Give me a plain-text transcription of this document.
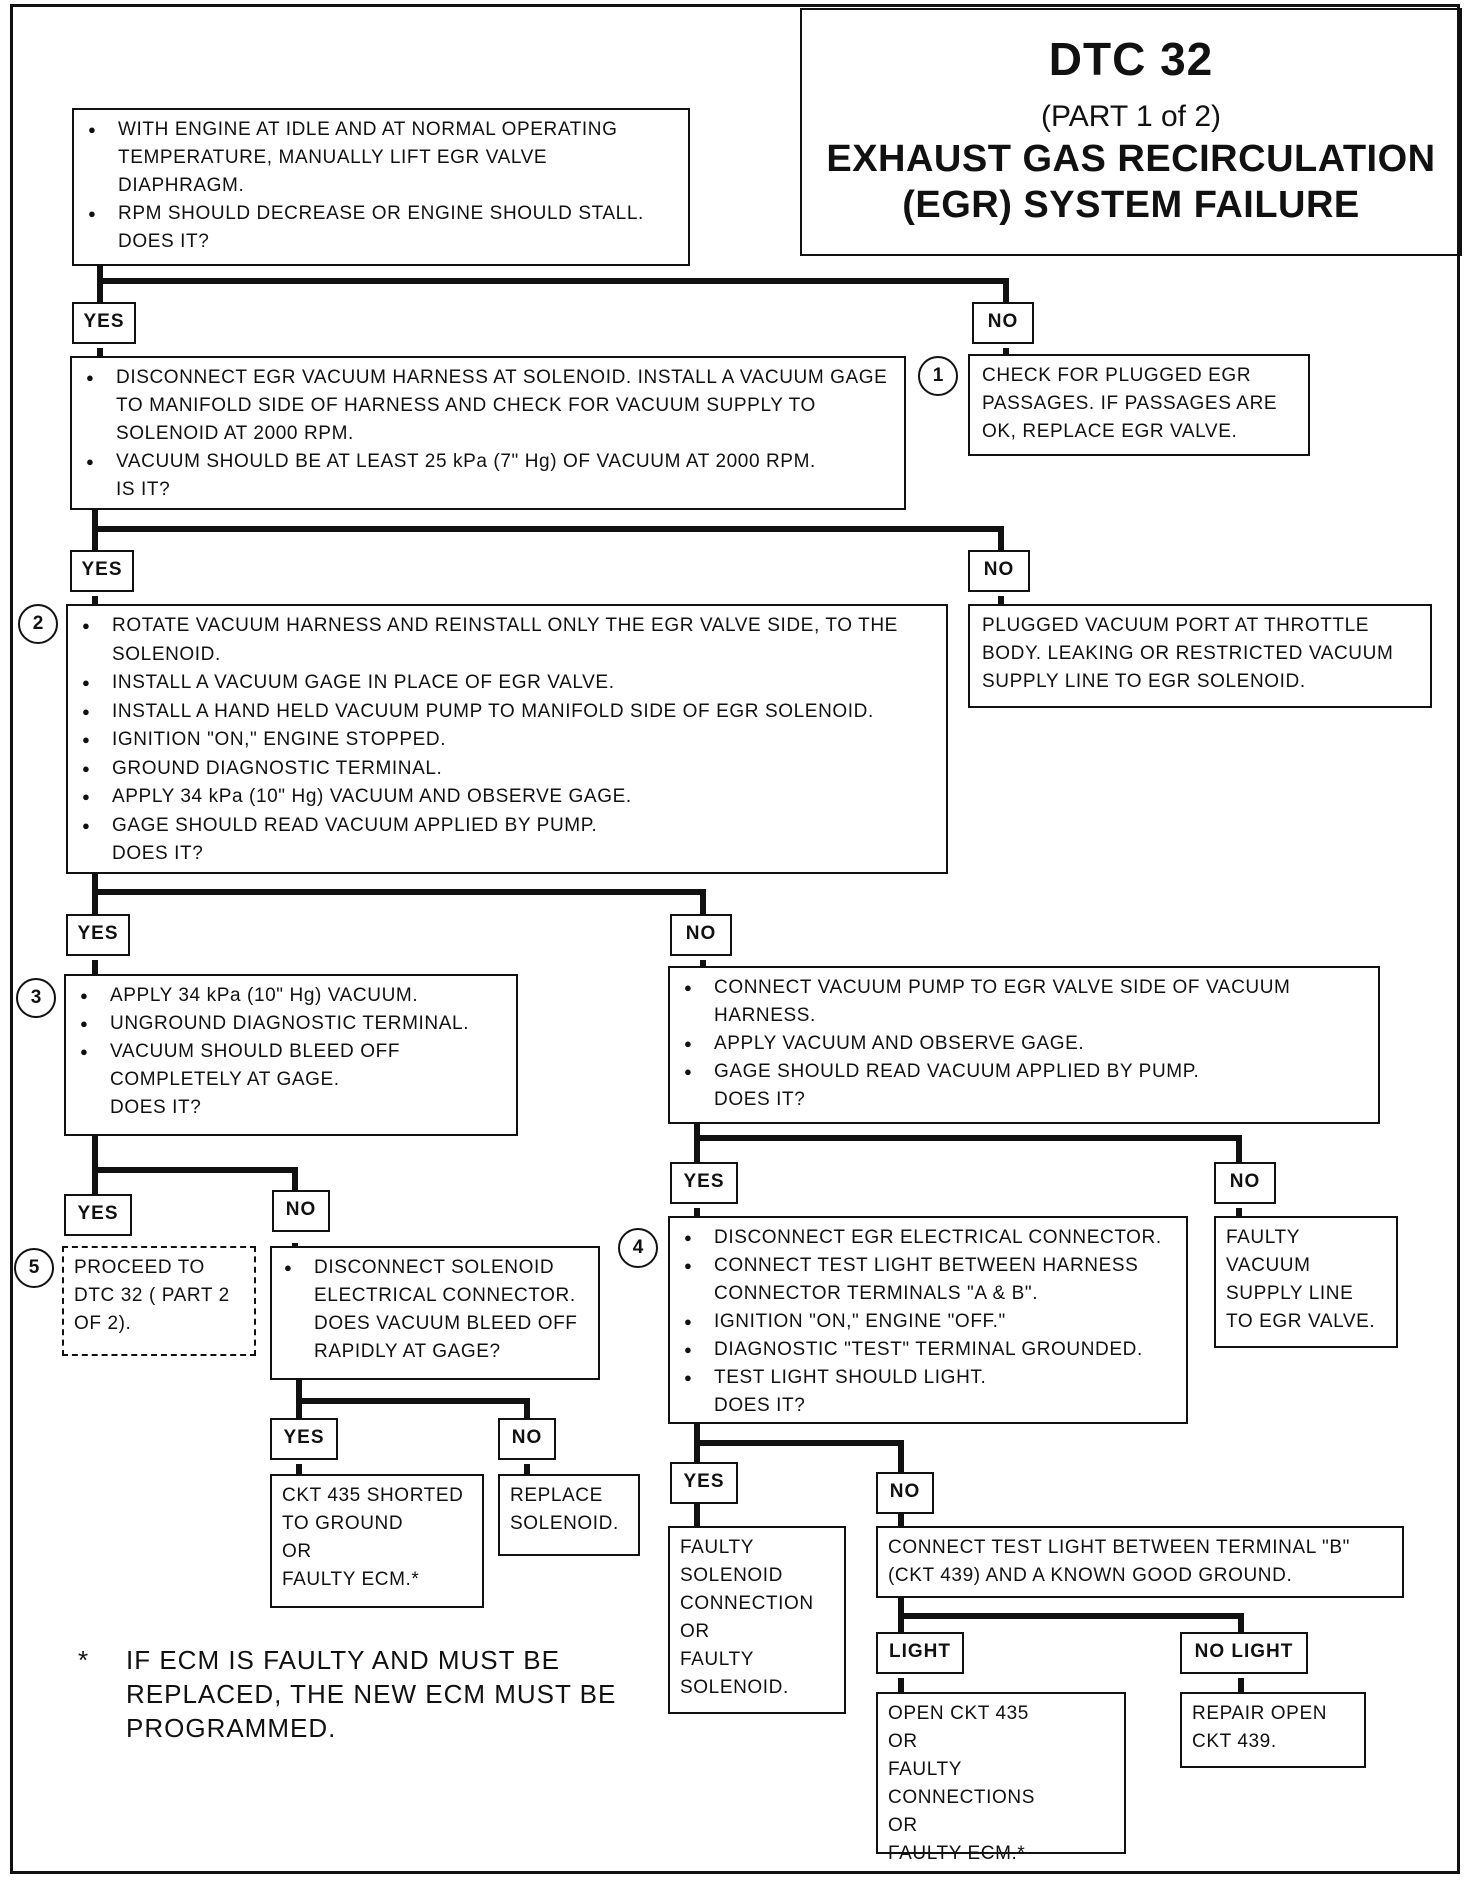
DTC 32
(PART 1 of 2)
EXHAUST GAS RECIRCULATION
(EGR) SYSTEM FAILURE
● WITH ENGINE AT IDLE AND AT NORMAL OPERATING TEMPERATURE, MANUALLY LIFT EGR VALVE DIAPHRAGM.
● RPM SHOULD DECREASE OR ENGINE SHOULD STALL.
DOES IT?
YES	NO
1	CHECK FOR PLUGGED EGR PASSAGES. IF PASSAGES ARE OK, REPLACE EGR VALVE.
● DISCONNECT EGR VACUUM HARNESS AT SOLENOID. INSTALL A VACUUM GAGE TO MANIFOLD SIDE OF HARNESS AND CHECK FOR VACUUM SUPPLY TO SOLENOID AT 2000 RPM.
● VACUUM SHOULD BE AT LEAST 25 kPa (7" Hg) OF VACUUM AT 2000 RPM.
IS IT?
YES	NO
PLUGGED VACUUM PORT AT THROTTLE BODY. LEAKING OR RESTRICTED VACUUM SUPPLY LINE TO EGR SOLENOID.
2	● ROTATE VACUUM HARNESS AND REINSTALL ONLY THE EGR VALVE SIDE, TO THE SOLENOID.
● INSTALL A VACUUM GAGE IN PLACE OF EGR VALVE.
● INSTALL A HAND HELD VACUUM PUMP TO MANIFOLD SIDE OF EGR SOLENOID.
● IGNITION "ON," ENGINE STOPPED.
● GROUND DIAGNOSTIC TERMINAL.
● APPLY 34 kPa (10" Hg) VACUUM AND OBSERVE GAGE.
● GAGE SHOULD READ VACUUM APPLIED BY PUMP.
DOES IT?
YES	NO
3	● APPLY 34 kPa (10" Hg) VACUUM.
● UNGROUND DIAGNOSTIC TERMINAL.
● VACUUM SHOULD BLEED OFF COMPLETELY AT GAGE.
DOES IT?
YES	NO
5	PROCEED TO
DTC 32 ( PART 2
OF 2).
● DISCONNECT SOLENOID ELECTRICAL CONNECTOR. DOES VACUUM BLEED OFF RAPIDLY AT GAGE?
YES	NO
CKT 435 SHORTED
TO GROUND
OR
FAULTY ECM.*
REPLACE
SOLENOID.
● CONNECT VACUUM PUMP TO EGR VALVE SIDE OF VACUUM HARNESS.
● APPLY VACUUM AND OBSERVE GAGE.
● GAGE SHOULD READ VACUUM APPLIED BY PUMP.
DOES IT?
YES	NO
FAULTY
VACUUM
SUPPLY LINE
TO EGR VALVE.
4	● DISCONNECT EGR ELECTRICAL CONNECTOR.
● CONNECT TEST LIGHT BETWEEN HARNESS CONNECTOR TERMINALS "A & B".
● IGNITION "ON," ENGINE "OFF."
● DIAGNOSTIC "TEST" TERMINAL GROUNDED.
● TEST LIGHT SHOULD LIGHT.
DOES IT?
YES	NO
FAULTY
SOLENOID
CONNECTION
OR
FAULTY
SOLENOID.
CONNECT TEST LIGHT BETWEEN TERMINAL "B" (CKT 439) AND A KNOWN GOOD GROUND.
LIGHT	NO LIGHT
OPEN CKT 435
OR
FAULTY CONNECTIONS
OR
FAULTY ECM.*
REPAIR OPEN
CKT 439.
* IF ECM IS FAULTY AND MUST BE REPLACED, THE NEW ECM MUST BE PROGRAMMED.
